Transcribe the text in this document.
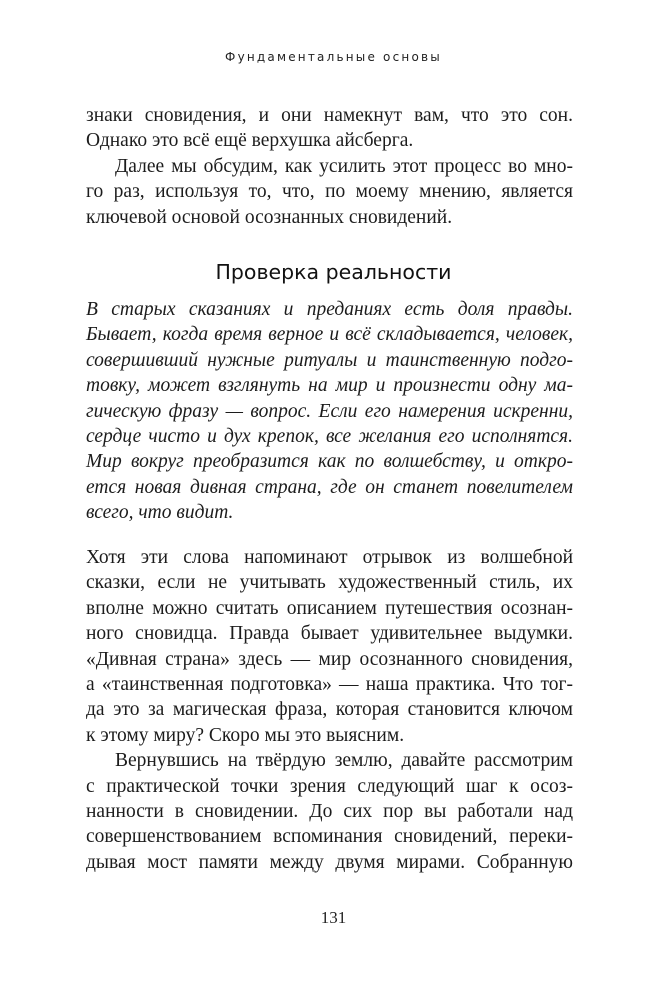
Фундаментальные основы
знаки сновидения, и они намекнут вам, что это сон.
Однако это всё ещё верхушка айсберга.
Далее мы обсудим, как усилить этот процесс во мно-
го раз, используя то, что, по моему мнению, является
ключевой основой осознанных сновидений.
Проверка реальности
В старых сказаниях и преданиях есть доля правды.
Бывает, когда время верное и всё складывается, человек,
совершивший нужные ритуалы и таинственную подго-
товку, может взглянуть на мир и произнести одну ма-
гическую фразу — вопрос. Если его намерения искренни,
сердце чисто и дух крепок, все желания его исполнятся.
Мир вокруг преобразится как по волшебству, и откро-
ется новая дивная страна, где он станет повелителем
всего, что видит.
Хотя эти слова напоминают отрывок из волшебной
сказки, если не учитывать художественный стиль, их
вполне можно считать описанием путешествия осознан-
ного сновидца. Правда бывает удивительнее выдумки.
«Дивная страна» здесь — мир осознанного сновидения,
а «таинственная подготовка» — наша практика. Что тог-
да это за магическая фраза, которая становится ключом
к этому миру? Скоро мы это выясним.
Вернувшись на твёрдую землю, давайте рассмотрим
с практической точки зрения следующий шаг к осоз-
нанности в сновидении. До сих пор вы работали над
совершенствованием вспоминания сновидений, переки-
дывая мост памяти между двумя мирами. Собранную
131
